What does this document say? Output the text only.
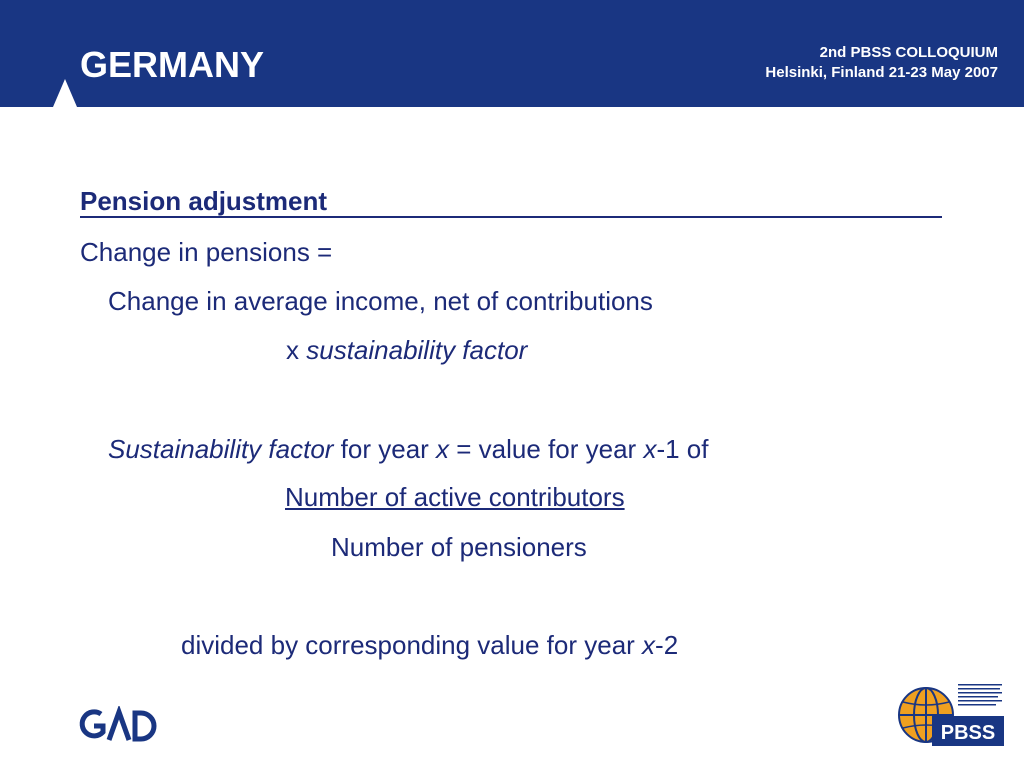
GERMANY	2nd PBSS COLLOQUIUM
Helsinki, Finland 21-23 May 2007
Pension adjustment
Change in pensions =
Change in average income, net of contributions
x sustainability factor
Sustainability factor for year x = value for year x-1 of
Number of active contributors
Number of pensioners
divided by corresponding value for year x-2
PBSS
